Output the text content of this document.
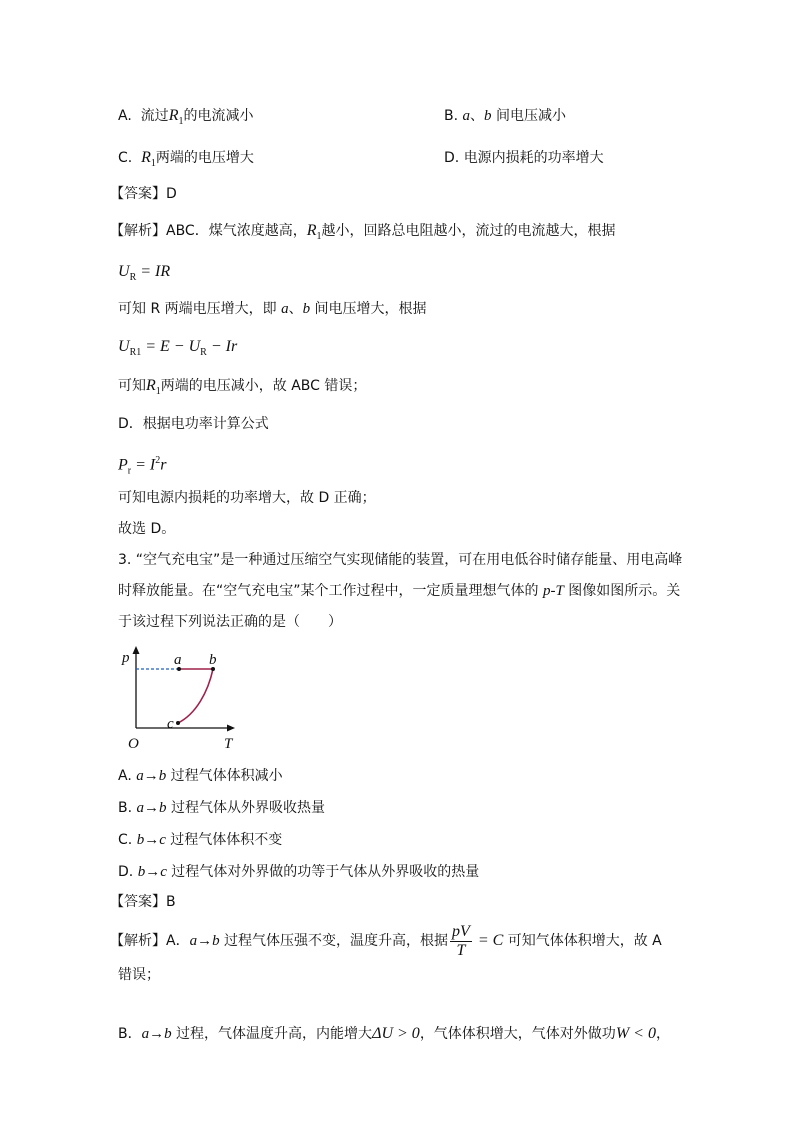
A. 流过$R_1$的电流减小	B. a、b 间电压减小
C. $R_1$两端的电压增大	D. 电源内损耗的功率增大
【答案】D
【解析】ABC．煤气浓度越高，$R_1$越小，回路总电阻越小，流过的电流越大，根据
$U_R$ = IR
可知 R 两端电压增大，即 a、b 间电压增大，根据
$U_{R1} = E - U_R - Ir$
可知$R_1$两端的电压减小，故 ABC 错误；
D．根据电功率计算公式
$P_r = I^2r$
可知电源内损耗的功率增大，故 D 正确；
故选 D。
3. “空气充电宝”是一种通过压缩空气实现储能的装置，可在用电低谷时储存能量、用电高峰
时释放能量。在“空气充电宝”某个工作过程中，一定质量理想气体的 p-T 图像如图所示。关
于该过程下列说法正确的是（　　）
p
T
O
a b
c
A. a→b 过程气体体积减小
B. a→b 过程气体从外界吸收热量
C. b→c 过程气体体积不变
D. b→c 过程气体对外界做的功等于气体从外界吸收的热量
【答案】B
【解析】A．a→b 过程气体压强不变，温度升高，根据 $\frac{pV}{T} = C$ 可知气体体积增大，故 A
错误；
B．a→b 过程，气体温度升高，内能增大ΔU > 0，气体体积增大，气体对外做功W < 0，
